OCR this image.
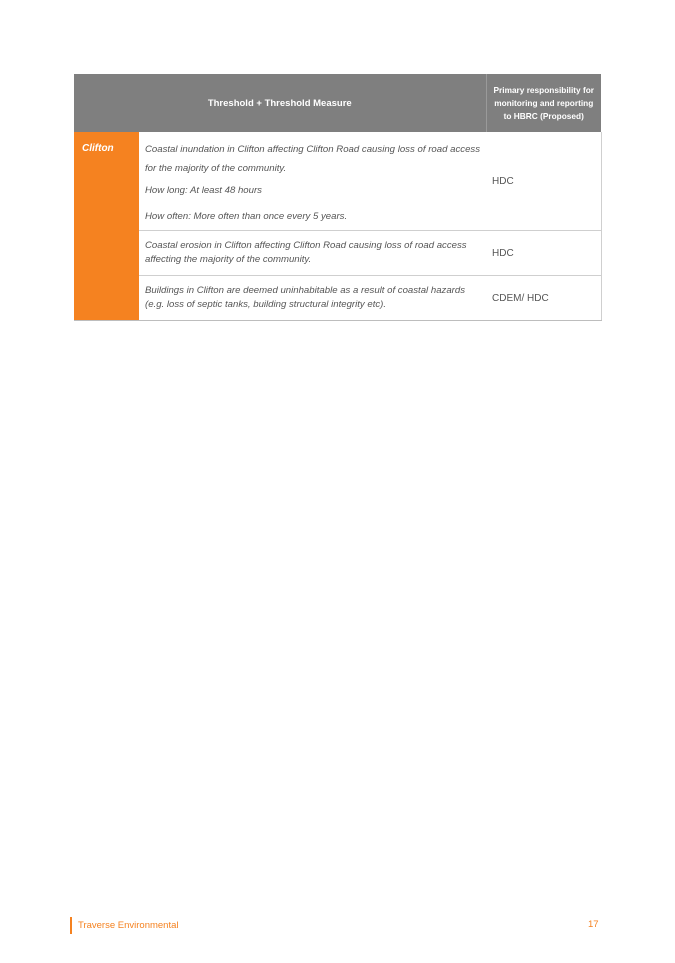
Threshold + Threshold Measure		Primary responsibility for monitoring and reporting to HBRC (Proposed)
Clifton	Coastal inundation in Clifton affecting Clifton Road causing loss of road access for the majority of the community.

How long: At least 48 hours

How often: More often than once every 5 years.	HDC

	Coastal erosion in Clifton affecting Clifton Road causing loss of road access affecting the majority of the community.	HDC

	Buildings in Clifton are deemed uninhabitable as a result of coastal hazards (e.g. loss of septic tanks, building structural integrity etc).	CDEM/ HDC
Traverse Environmental	17
